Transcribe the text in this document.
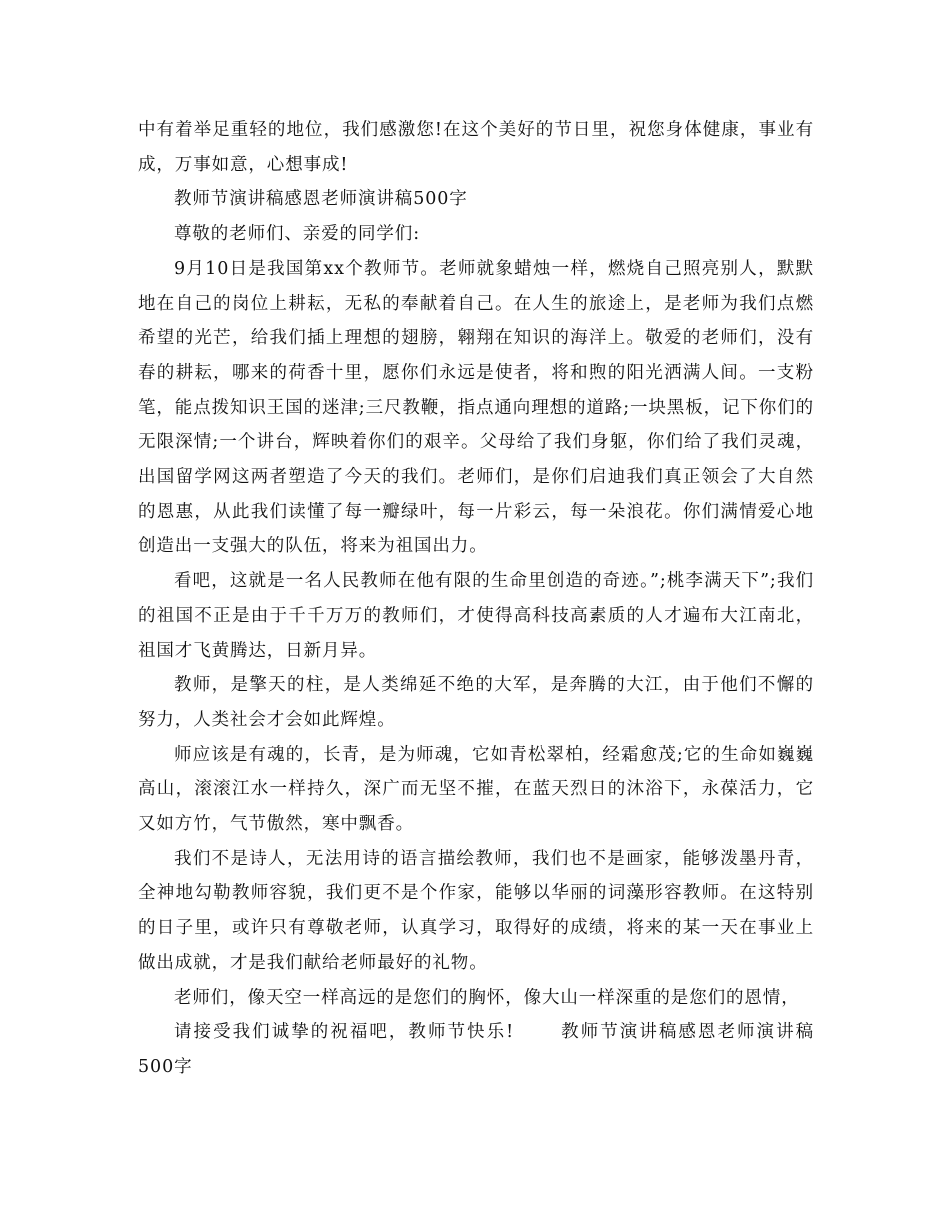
中有着举足重轻的地位，我们感激您!在这个美好的节日里，祝您身体健康，事业有成，万事如意，心想事成!

教师节演讲稿感恩老师演讲稿500字

尊敬的老师们、亲爱的同学们:

9月10日是我国第xx个教师节。老师就象蜡烛一样，燃烧自己照亮别人，默默地在自己的岗位上耕耘，无私的奉献着自己。在人生的旅途上，是老师为我们点燃希望的光芒，给我们插上理想的翅膀，翱翔在知识的海洋上。敬爱的老师们，没有春的耕耘，哪来的荷香十里，愿你们永远是使者，将和煦的阳光洒满人间。一支粉笔，能点拨知识王国的迷津;三尺教鞭，指点通向理想的道路;一块黑板，记下你们的无限深情;一个讲台，辉映着你们的艰辛。父母给了我们身躯，你们给了我们灵魂，出国留学网这两者塑造了今天的我们。老师们，是你们启迪我们真正领会了大自然的恩惠，从此我们读懂了每一瓣绿叶，每一片彩云，每一朵浪花。你们满情爱心地创造出一支强大的队伍，将来为祖国出力。

看吧，这就是一名人民教师在他有限的生命里创造的奇迹。”;桃李满天下”;我们的祖国不正是由于千千万万的教师们，才使得高科技高素质的人才遍布大江南北，祖国才飞黄腾达，日新月异。

教师，是擎天的柱，是人类绵延不绝的大军，是奔腾的大江，由于他们不懈的努力，人类社会才会如此辉煌。

师应该是有魂的，长青，是为师魂，它如青松翠柏，经霜愈茂;它的生命如巍巍高山，滚滚江水一样持久，深广而无坚不摧，在蓝天烈日的沐浴下，永葆活力，它又如方竹，气节傲然，寒中飘香。

我们不是诗人，无法用诗的语言描绘教师，我们也不是画家，能够泼墨丹青，全神地勾勒教师容貌，我们更不是个作家，能够以华丽的词藻形容教师。在这特别的日子里，或许只有尊敬老师，认真学习，取得好的成绩，将来的某一天在事业上做出成就，才是我们献给老师最好的礼物。

老师们，像天空一样高远的是您们的胸怀，像大山一样深重的是您们的恩情，

请接受我们诚挚的祝福吧，教师节快乐!	教师节演讲稿感恩老师演讲稿500字
